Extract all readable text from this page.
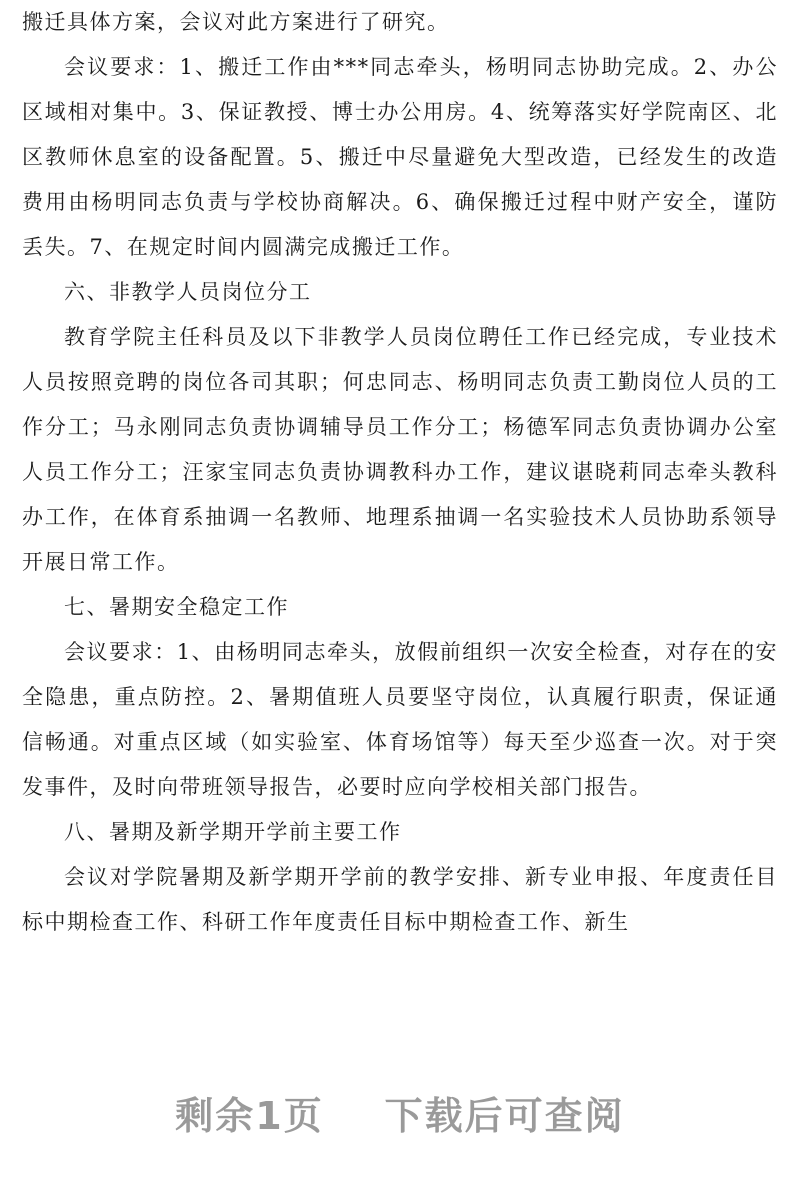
​

搬迁具体方案，会议对此方案进行了研究。

会议要求：1、搬迁工作由***同志牵头，杨明同志协助完成。2、办公区域相对集中。3、保证教授、博士办公用房。4、统筹落实好学院南区、北区教师休息室的设备配置。5、搬迁中尽量避免大型改造，已经发生的改造费用由杨明同志负责与学校协商解决。6、确保搬迁过程中财产安全，谨防丢失。7、在规定时间内圆满完成搬迁工作。

六、非教学人员岗位分工

教育学院主任科员及以下非教学人员岗位聘任工作已经完成，专业技术人员按照竞聘的岗位各司其职；何忠同志、杨明同志负责工勤岗位人员的工作分工；马永刚同志负责协调辅导员工作分工；杨德军同志负责协调办公室人员工作分工；汪家宝同志负责协调教科办工作，建议谌晓莉同志牵头教科办工作，在体育系抽调一名教师、地理系抽调一名实验技术人员协助系领导开展日常工作。

七、暑期安全稳定工作

会议要求：1、由杨明同志牵头，放假前组织一次安全检查，对存在的安全隐患，重点防控。2、暑期值班人员要坚守岗位，认真履行职责，保证通信畅通。对重点区域（如实验室、体育场馆等）每天至少巡查一次。对于突发事件，及时向带班领导报告，必要时应向学校相关部门报告。

八、暑期及新学期开学前主要工作

会议对学院暑期及新学期开学前的教学安排、新专业申报、年度责任目标中期检查工作、科研工作年度责任目标中期检查工作、新生

剩余1页 下载后可查阅
